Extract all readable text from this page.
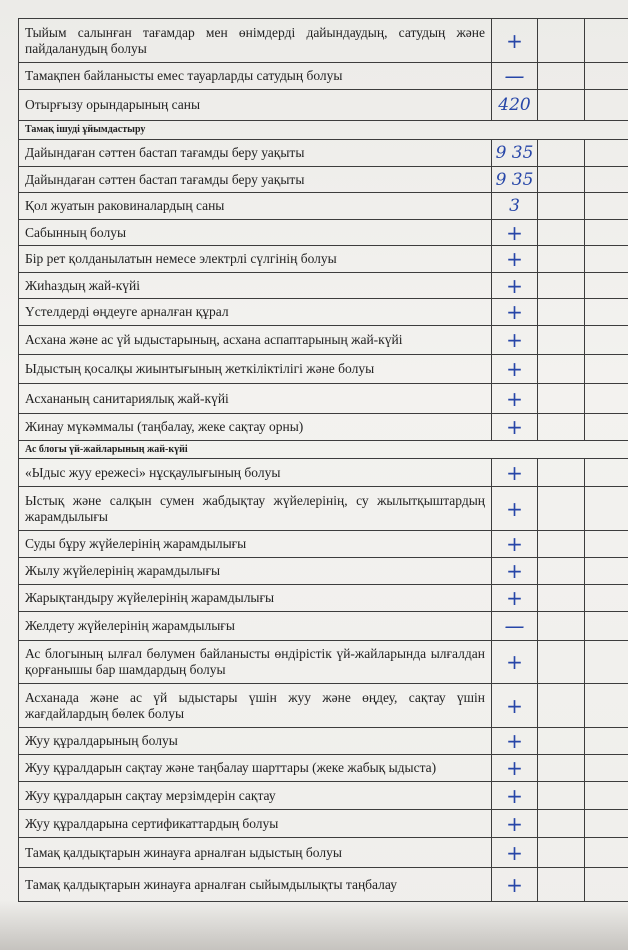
Тыйым салынған тағамдар мен өнімдерді дайындаудың, сатудың және пайдаланудың болуы	+			
Тамақпен байланысты емес тауарларды сатудың болуы	—			
Отырғызу орындарының саны	420			
Тамақ ішуді ұйымдастыру				
Дайындаған сәттен бастап тағамды беру уақыты	9 35			
Дайындаған сәттен бастап тағамды беру уақыты	9 35			
Қол жуатын раковиналардың саны	3			
Сабынның болуы	+			
Бір рет қолданылатын немесе электрлі сүлгінің болуы	+			
Жиһаздың жай-күйі	+			
Үстелдерді өңдеуге арналған құрал	+			
Асхана және ас үй ыдыстарының, асхана аспаптарының жай-күйі	+			
Ыдыстың қосалқы жиынтығының жеткіліктілігі және болуы	+			
Асхананың санитариялық жай-күйі	+			
Жинау мүкәммалы (таңбалау, жеке сақтау орны)	+			
Ас блогы үй-жайларының жай-күйі				
«Ыдыс жуу ережесі» нұсқаулығының болуы	+			
Ыстық және салқын сумен жабдықтау жүйелерінің, су жылытқыштардың жарамдылығы	+			
Суды бұру жүйелерінің жарамдылығы	+			
Жылу жүйелерінің жарамдылығы	+			
Жарықтандыру жүйелерінің жарамдылығы	+			
Желдету жүйелерінің жарамдылығы	—			
Ас блогының ылғал бөлумен байланысты өндірістік үй-жайларында ылғалдан қорғанышы бар шамдардың болуы	+			
Асханада және ас үй ыдыстары үшін жуу және өңдеу, сақтау үшін жағдайлардың бөлек болуы	+			
Жуу құралдарының болуы	+			
Жуу құралдарын сақтау және таңбалау шарттары (жеке жабық ыдыста)	+			
Жуу құралдарын сақтау мерзімдерін сақтау	+			
Жуу құралдарына сертификаттардың болуы	+			
Тамақ қалдықтарын жинауға арналған ыдыстың болуы	+			
Тамақ қалдықтарын жинауға арналған сыйымдылықты таңбалау	+			
